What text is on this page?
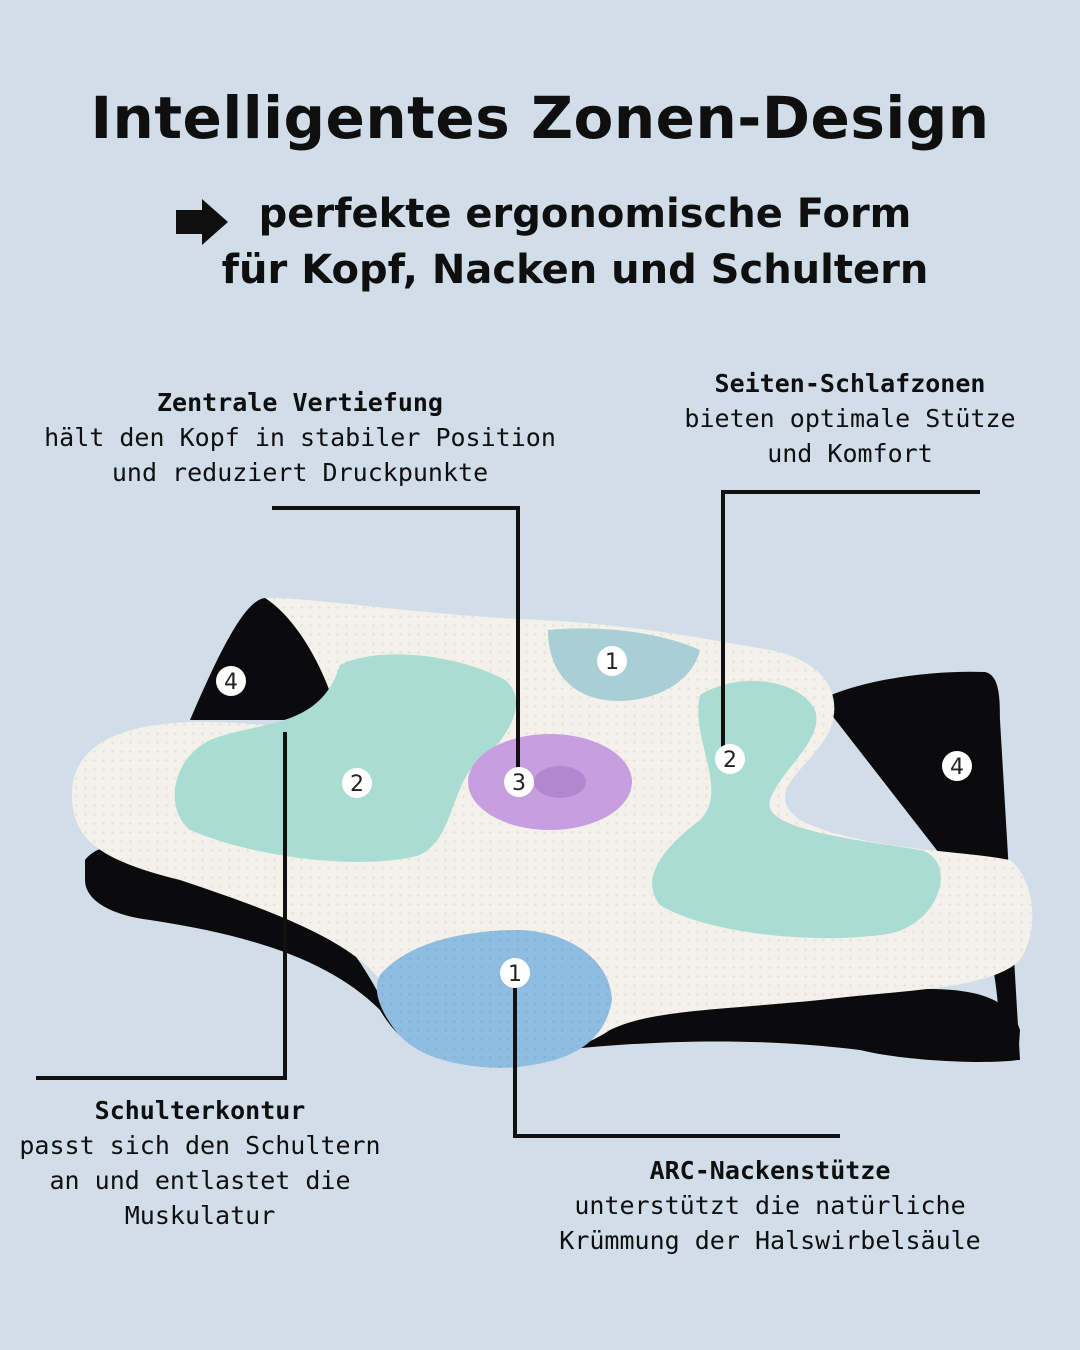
Intelligentes Zonen-Design

perfekte ergonomische Form
für Kopf, Nacken und Schultern

1
2	3
2
4
4
1
Zentrale Vertiefung
hält den Kopf in stabiler Position
und reduziert Druckpunkte
Seiten-Schlafzonen
bieten optimale Stütze
und Komfort
Schulterkontur
passt sich den Schultern
an und entlastet die
Muskulatur
ARC-Nackenstütze
unterstützt die natürliche
Krümmung der Halswirbelsäule
